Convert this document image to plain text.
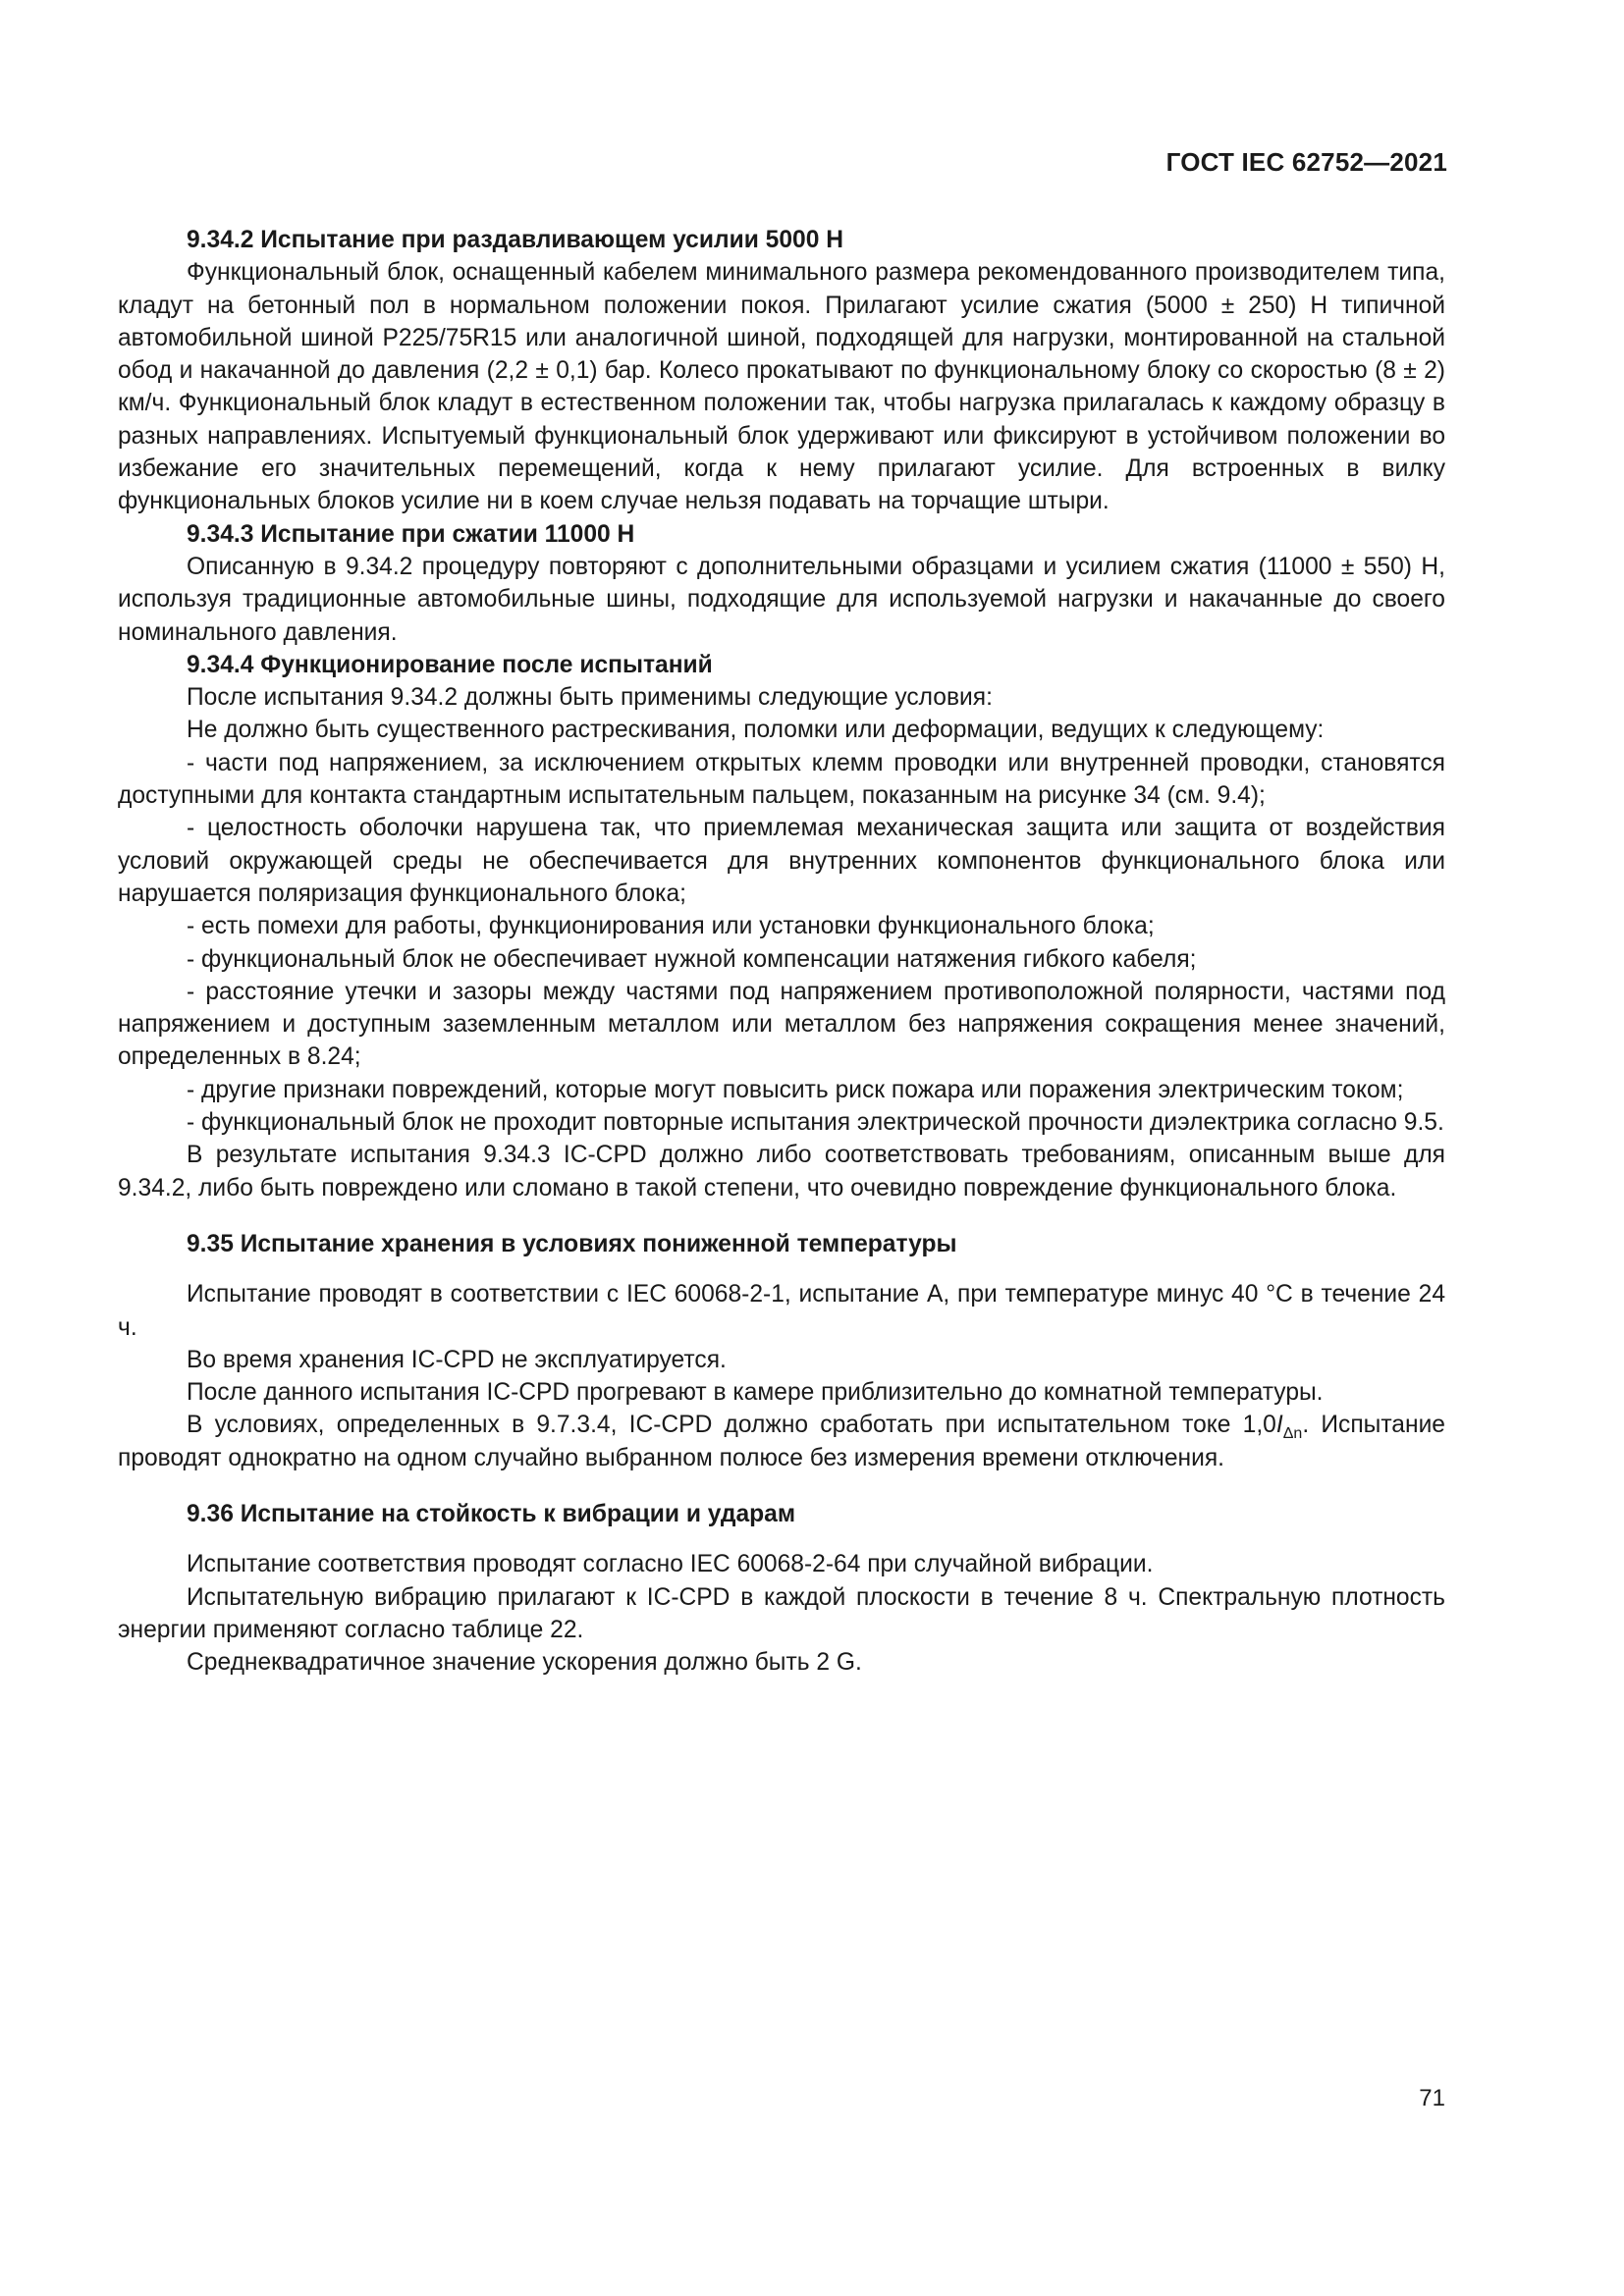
ГОСТ IEC 62752—2021

9.34.2 Испытание при раздавливающем усилии 5000 Н

Функциональный блок, оснащенный кабелем минимального размера рекомендованного производителем типа, кладут на бетонный пол в нормальном положении покоя. Прилагают усилие сжатия (5000 ± 250) Н типичной автомобильной шиной P225/75R15 или аналогичной шиной, подходящей для нагрузки, монтированной на стальной обод и накачанной до давления (2,2 ± 0,1) бар. Колесо прокатывают по функциональному блоку со скоростью (8 ± 2) км/ч. Функциональный блок кладут в естественном положении так, чтобы нагрузка прилагалась к каждому образцу в разных направлениях. Испытуемый функциональный блок удерживают или фиксируют в устойчивом положении во избежание его значительных перемещений, когда к нему прилагают усилие. Для встроенных в вилку функциональных блоков усилие ни в коем случае нельзя подавать на торчащие штыри.

9.34.3 Испытание при сжатии 11000 Н

Описанную в 9.34.2 процедуру повторяют с дополнительными образцами и усилием сжатия (11000 ± 550) Н, используя традиционные автомобильные шины, подходящие для используемой нагрузки и накачанные до своего номинального давления.

9.34.4 Функционирование после испытаний

После испытания 9.34.2 должны быть применимы следующие условия:

Не должно быть существенного растрескивания, поломки или деформации, ведущих к следующему:

- части под напряжением, за исключением открытых клемм проводки или внутренней проводки, становятся доступными для контакта стандартным испытательным пальцем, показанным на рисунке 34 (см. 9.4);

- целостность оболочки нарушена так, что приемлемая механическая защита или защита от воздействия условий окружающей среды не обеспечивается для внутренних компонентов функционального блока или нарушается поляризация функционального блока;

- есть помехи для работы, функционирования или установки функционального блока;

- функциональный блок не обеспечивает нужной компенсации натяжения гибкого кабеля;

- расстояние утечки и зазоры между частями под напряжением противоположной полярности, частями под напряжением и доступным заземленным металлом или металлом без напряжения сокращения менее значений, определенных в 8.24;

- другие признаки повреждений, которые могут повысить риск пожара или поражения электрическим током;

- функциональный блок не проходит повторные испытания электрической прочности диэлектрика согласно 9.5.

В результате испытания 9.34.3 IC-CPD должно либо соответствовать требованиям, описанным выше для 9.34.2, либо быть повреждено или сломано в такой степени, что очевидно повреждение функционального блока.

9.35 Испытание хранения в условиях пониженной температуры

Испытание проводят в соответствии с IEC 60068-2-1, испытание А, при температуре минус 40 °С в течение 24 ч.

Во время хранения IC-CPD не эксплуатируется.

После данного испытания IC-CPD прогревают в камере приблизительно до комнатной температуры.

В условиях, определенных в 9.7.3.4, IC-CPD должно сработать при испытательном токе $1,0I_{\Delta n}$. Испытание проводят однократно на одном случайно выбранном полюсе без измерения времени отключения.

9.36 Испытание на стойкость к вибрации и ударам

Испытание соответствия проводят согласно IEC 60068-2-64 при случайной вибрации.

Испытательную вибрацию прилагают к IC-CPD в каждой плоскости в течение 8 ч. Спектральную плотность энергии применяют согласно таблице 22.

Среднеквадратичное значение ускорения должно быть 2 G.

71
